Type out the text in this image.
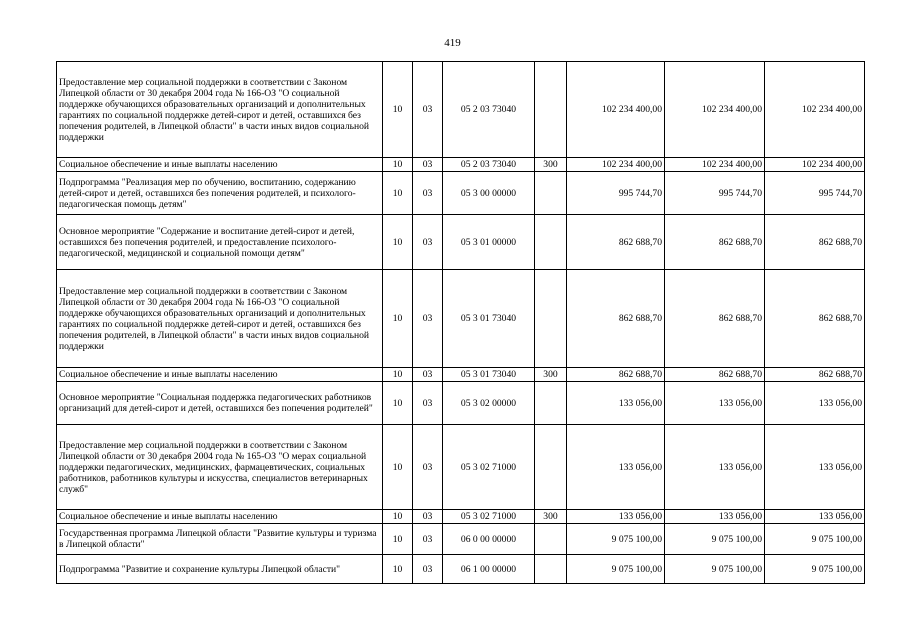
419
Предоставление мер социальной поддержки в соответствии с Законом Липецкой области от 30 декабря 2004 года № 166-ОЗ "О социальной поддержке обучающихся образовательных организаций и дополнительных гарантиях по социальной поддержке детей-сирот и детей, оставшихся без попечения родителей, в Липецкой области" в части иных видов социальной поддержки	10	03	05 2 03 73040		102 234 400,00	102 234 400,00	102 234 400,00
Социальное обеспечение и иные выплаты населению	10	03	05 2 03 73040	300	102 234 400,00	102 234 400,00	102 234 400,00
Подпрограмма "Реализация мер по обучению, воспитанию, содержанию детей-сирот и детей, оставшихся без попечения родителей, и психолого-педагогическая помощь детям"	10	03	05 3 00 00000		995 744,70	995 744,70	995 744,70
Основное мероприятие "Содержание и воспитание детей-сирот и детей, оставшихся без попечения родителей, и предоставление психолого-педагогической, медицинской и социальной помощи детям"	10	03	05 3 01 00000		862 688,70	862 688,70	862 688,70
Предоставление мер социальной поддержки в соответствии с Законом Липецкой области от 30 декабря 2004 года № 166-ОЗ "О социальной поддержке обучающихся образовательных организаций и дополнительных гарантиях по социальной поддержке детей-сирот и детей, оставшихся без попечения родителей, в Липецкой области" в части иных видов социальной поддержки	10	03	05 3 01 73040		862 688,70	862 688,70	862 688,70
Социальное обеспечение и иные выплаты населению	10	03	05 3 01 73040	300	862 688,70	862 688,70	862 688,70
Основное мероприятие "Социальная поддержка педагогических работников организаций для детей-сирот и детей, оставшихся без попечения родителей"	10	03	05 3 02 00000		133 056,00	133 056,00	133 056,00
Предоставление мер социальной поддержки в соответствии с Законом Липецкой области от 30 декабря 2004 года № 165-ОЗ "О мерах социальной поддержки педагогических, медицинских, фармацевтических, социальных работников, работников культуры и искусства, специалистов ветеринарных служб"	10	03	05 3 02 71000		133 056,00	133 056,00	133 056,00
Социальное обеспечение и иные выплаты населению	10	03	05 3 02 71000	300	133 056,00	133 056,00	133 056,00
Государственная программа Липецкой области "Развитие культуры и туризма в Липецкой области"	10	03	06 0 00 00000		9 075 100,00	9 075 100,00	9 075 100,00
Подпрограмма "Развитие и сохранение культуры Липецкой области"	10	03	06 1 00 00000		9 075 100,00	9 075 100,00	9 075 100,00
